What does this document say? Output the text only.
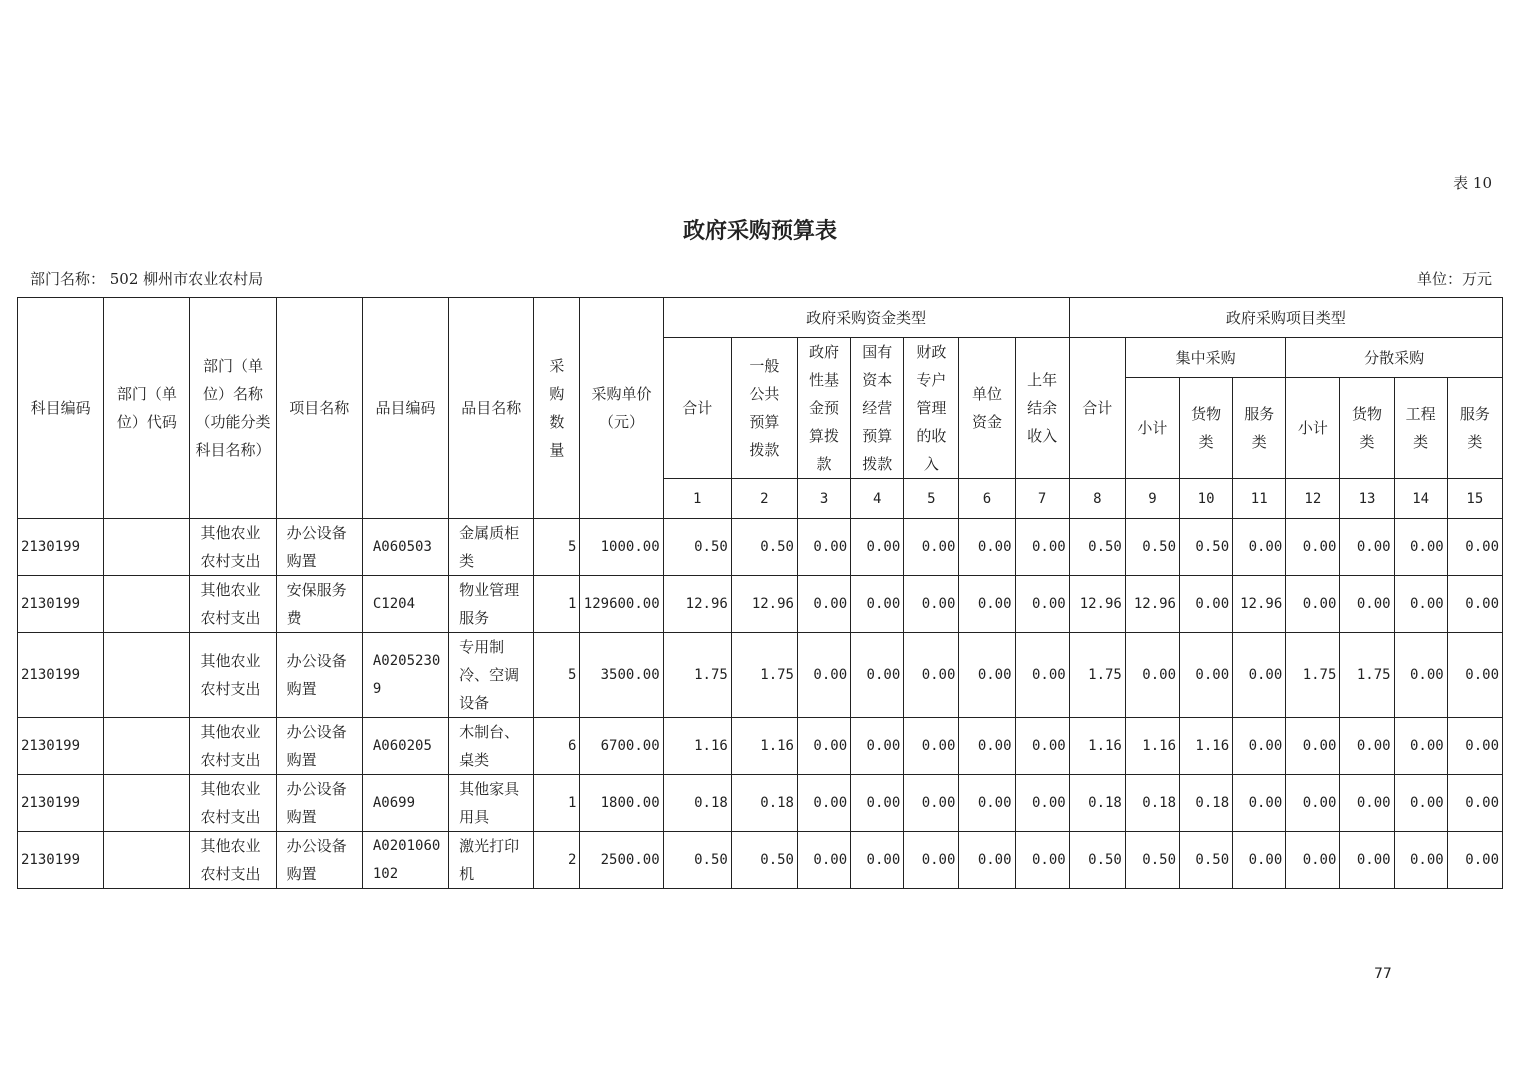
表 10
政府采购预算表
部门名称： 502 柳州市农业农村局	单位：万元
科目编码	部门（单位）代码	部门（单位）名称（功能分类科目名称）	项目名称	品目编码	品目名称	采购数量	采购单价（元）	政府采购资金类型							政府采购项目类型							
								合计	一般公共预算拨款	政府性基金预算拨款	国有资本经营预算拨款	财政专户管理的收入	单位资金	上年结余收入	合计	集中采购			分散采购			
																小计	货物类	服务类	小计	货物类	工程类	服务类
								1	2	3	4	5	6	7	8	9	10	11	12	13	14	15
2130199		其他农业农村支出	办公设备购置	A060503	金属质柜类	5	1000.00	0.50	0.50	0.00	0.00	0.00	0.00	0.00	0.50	0.50	0.50	0.00	0.00	0.00	0.00	0.00
2130199		其他农业农村支出	安保服务费	C1204	物业管理服务	1	129600.00	12.96	12.96	0.00	0.00	0.00	0.00	0.00	12.96	12.96	0.00	12.96	0.00	0.00	0.00	0.00
2130199		其他农业农村支出	办公设备购置	A02052309	专用制冷、空调设备	5	3500.00	1.75	1.75	0.00	0.00	0.00	0.00	0.00	1.75	0.00	0.00	0.00	1.75	1.75	0.00	0.00
2130199		其他农业农村支出	办公设备购置	A060205	木制台、桌类	6	6700.00	1.16	1.16	0.00	0.00	0.00	0.00	0.00	1.16	1.16	1.16	0.00	0.00	0.00	0.00	0.00
2130199		其他农业农村支出	办公设备购置	A0699	其他家具用具	1	1800.00	0.18	0.18	0.00	0.00	0.00	0.00	0.00	0.18	0.18	0.18	0.00	0.00	0.00	0.00	0.00
2130199		其他农业农村支出	办公设备购置	A0201060102	激光打印机	2	2500.00	0.50	0.50	0.00	0.00	0.00	0.00	0.00	0.50	0.50	0.50	0.00	0.00	0.00	0.00	0.00
77
